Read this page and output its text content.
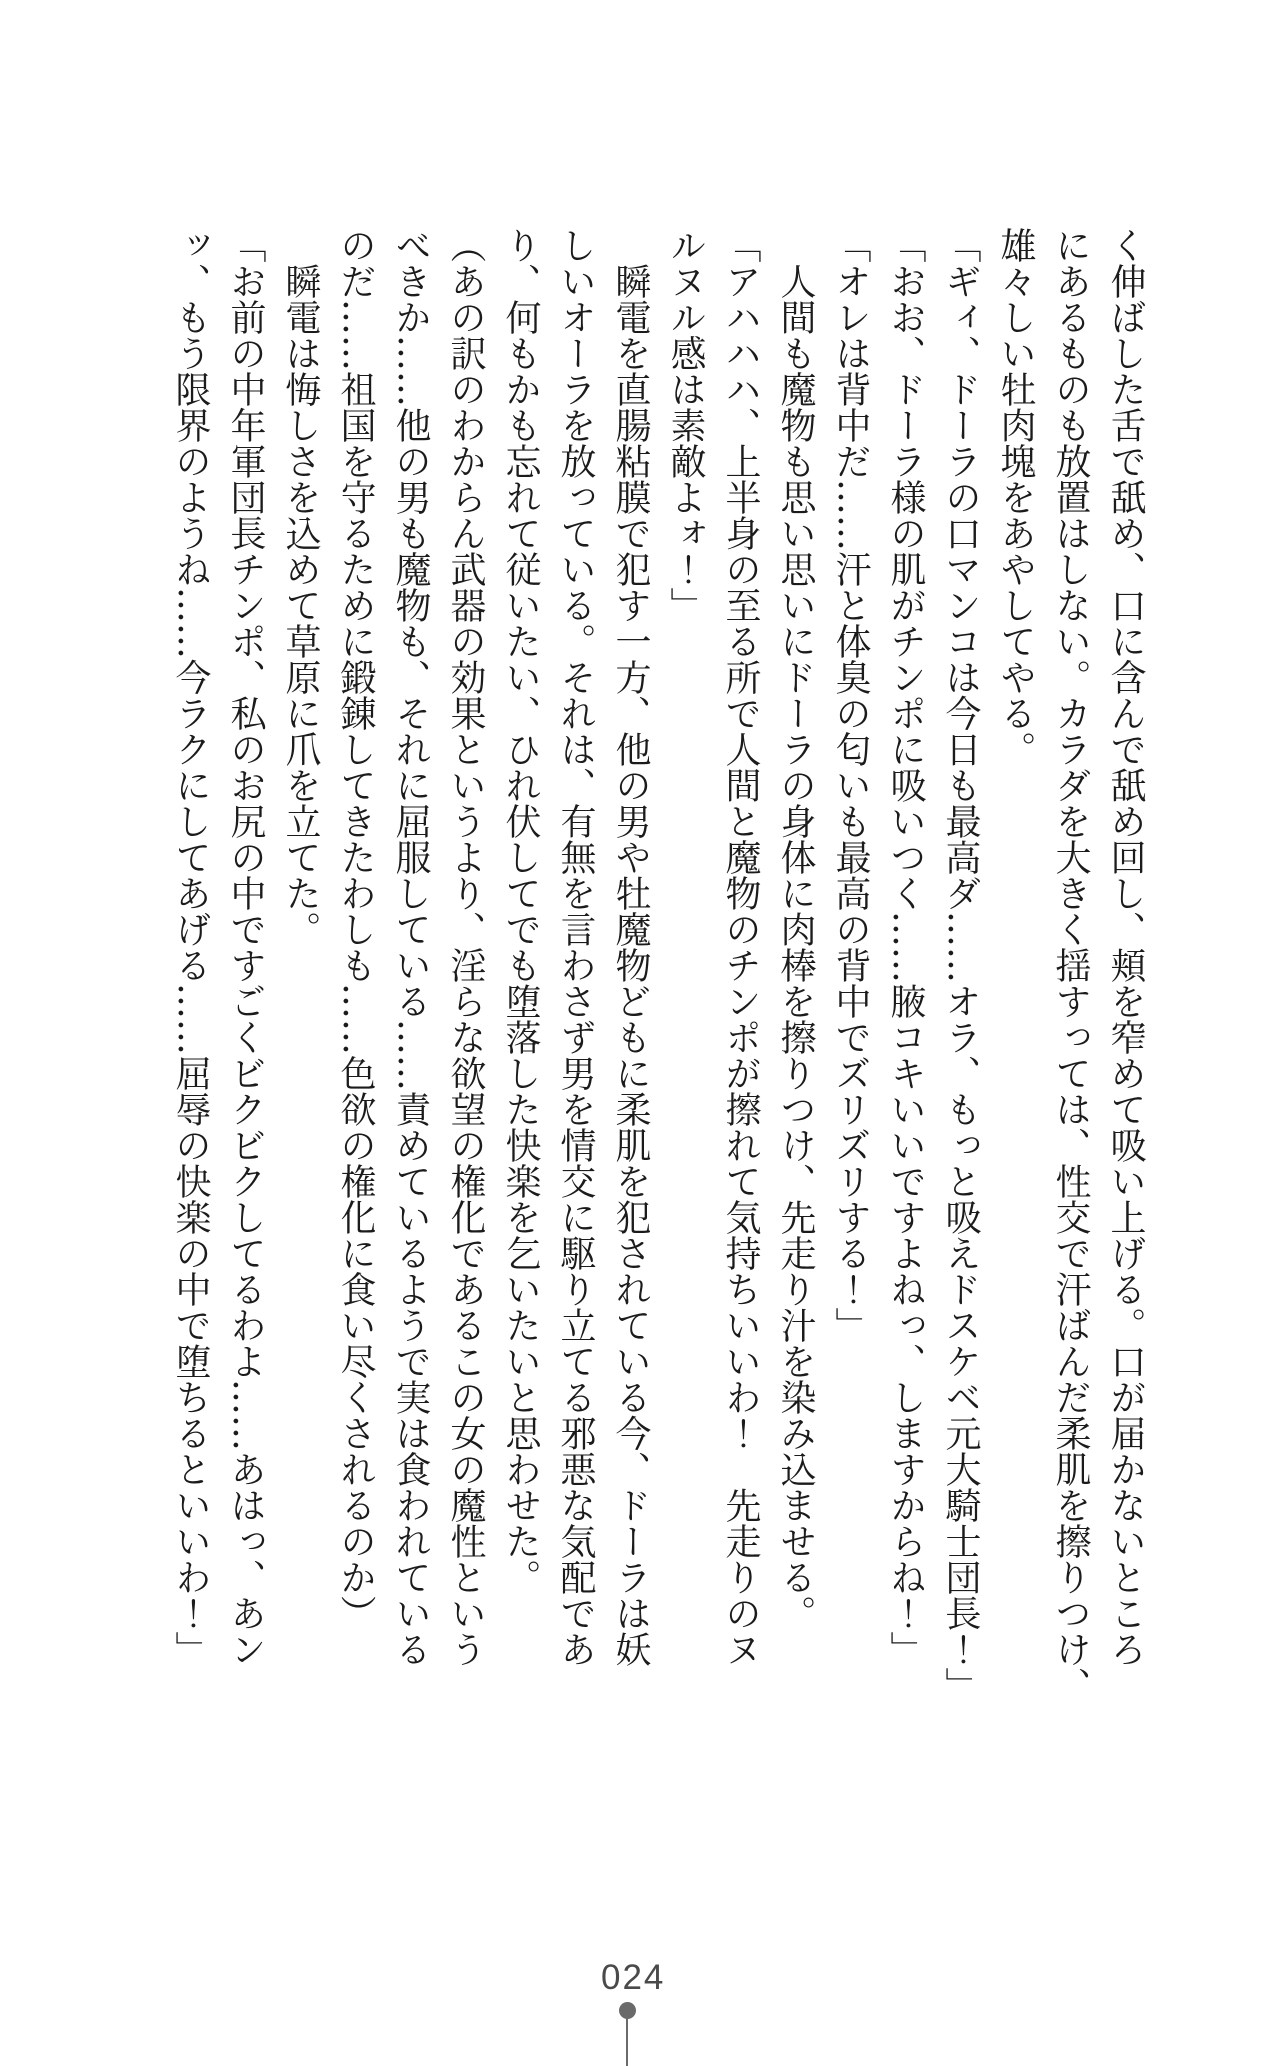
く伸ばした舌で舐め、口に含んで舐め回し、頬を窄めて吸い上げる。口が届かないところ

にあるものも放置はしない。カラダを大きく揺すっては、性交で汗ばんだ柔肌を擦りつけ、

雄々しい牡肉塊をあやしてやる。

「ギィ、ドーラの口マンコは今日も最高ダ……オラ、もっと吸えドスケベ元大騎士団長！」

「おお、ドーラ様の肌がチンポに吸いつく……腋コキいいですよねっ、しますからね！」

「オレは背中だ……汗と体臭の匂いも最高の背中でズリズリする！」

　人間も魔物も思い思いにドーラの身体に肉棒を擦りつけ、先走り汁を染み込ませる。

「アハハハ、上半身の至る所で人間と魔物のチンポが擦れて気持ちいいわ！　先走りのヌ

ルヌル感は素敵よォ！」

　瞬電を直腸粘膜で犯す一方、他の男や牡魔物どもに柔肌を犯されている今、ドーラは妖

しいオーラを放っている。それは、有無を言わさず男を情交に駆り立てる邪悪な気配であ

り、何もかも忘れて従いたい、ひれ伏してでも堕落した快楽を乞いたいと思わせた。

（あの訳のわからん武器の効果というより、淫らな欲望の権化であるこの女の魔性という

べきか……他の男も魔物も、それに屈服している……責めているようで実は食われている

のだ……祖国を守るために鍛錬してきたわしも……色欲の権化に食い尽くされるのか）

　瞬電は悔しさを込めて草原に爪を立てた。

「お前の中年軍団長チンポ、私のお尻の中ですごくビクビクしてるわよ……あはっ、あン

ッ、もう限界のようね……今ラクにしてあげる……屈辱の快楽の中で堕ちるといいわ！」

024
